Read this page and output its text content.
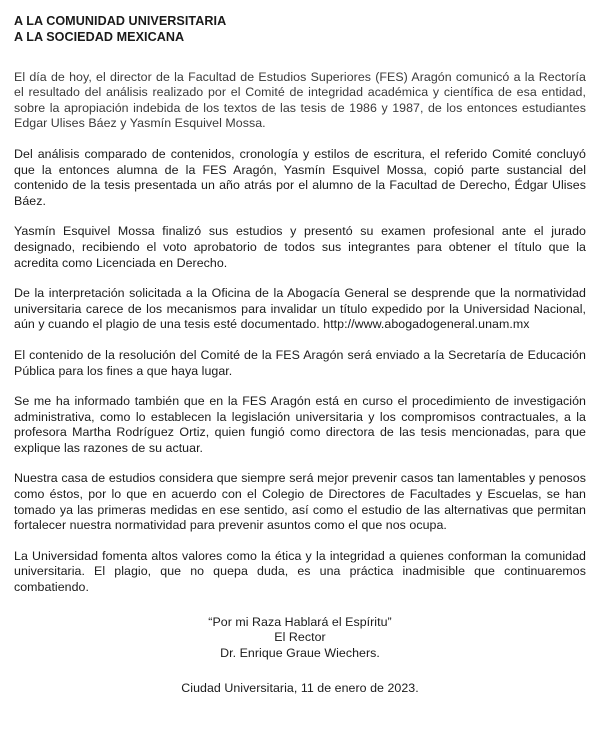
A LA COMUNIDAD UNIVERSITARIA
A LA SOCIEDAD MEXICANA

El día de hoy, el director de la Facultad de Estudios Superiores (FES) Aragón comunicó a la Rectoría el resultado del análisis realizado por el Comité de integridad académica y científica de esa entidad, sobre la apropiación indebida de los textos de las tesis de 1986 y 1987, de los entonces estudiantes Edgar Ulises Báez y Yasmín Esquivel Mossa.

Del análisis comparado de contenidos, cronología y estilos de escritura, el referido Comité concluyó que la entonces alumna de la FES Aragón, Yasmín Esquivel Mossa, copió parte sustancial del contenido de la tesis presentada un año atrás por el alumno de la Facultad de Derecho, Édgar Ulises Báez.

Yasmín Esquivel Mossa finalizó sus estudios y presentó su examen profesional ante el jurado designado, recibiendo el voto aprobatorio de todos sus integrantes para obtener el título que la acredita como Licenciada en Derecho.

De la interpretación solicitada a la Oficina de la Abogacía General se desprende que la normatividad universitaria carece de los mecanismos para invalidar un título expedido por la Universidad Nacional, aún y cuando el plagio de una tesis esté documentado. http://www.abogadogeneral.unam.mx

El contenido de la resolución del Comité de la FES Aragón será enviado a la Secretaría de Educación Pública para los fines a que haya lugar.

Se me ha informado también que en la FES Aragón está en curso el procedimiento de investigación administrativa, como lo establecen la legislación universitaria y los compromisos contractuales, a la profesora Martha Rodríguez Ortiz, quien fungió como directora de las tesis mencionadas, para que explique las razones de su actuar.

Nuestra casa de estudios considera que siempre será mejor prevenir casos tan lamentables y penosos como éstos, por lo que en acuerdo con el Colegio de Directores de Facultades y Escuelas, se han tomado ya las primeras medidas en ese sentido, así como el estudio de las alternativas que permitan fortalecer nuestra normatividad para prevenir asuntos como el que nos ocupa.

La Universidad fomenta altos valores como la ética y la integridad a quienes conforman la comunidad universitaria. El plagio, que no quepa duda, es una práctica inadmisible que continuaremos combatiendo.

“Por mi Raza Hablará el Espíritu”
El Rector
Dr. Enrique Graue Wiechers.
Ciudad Universitaria, 11 de enero de 2023.
